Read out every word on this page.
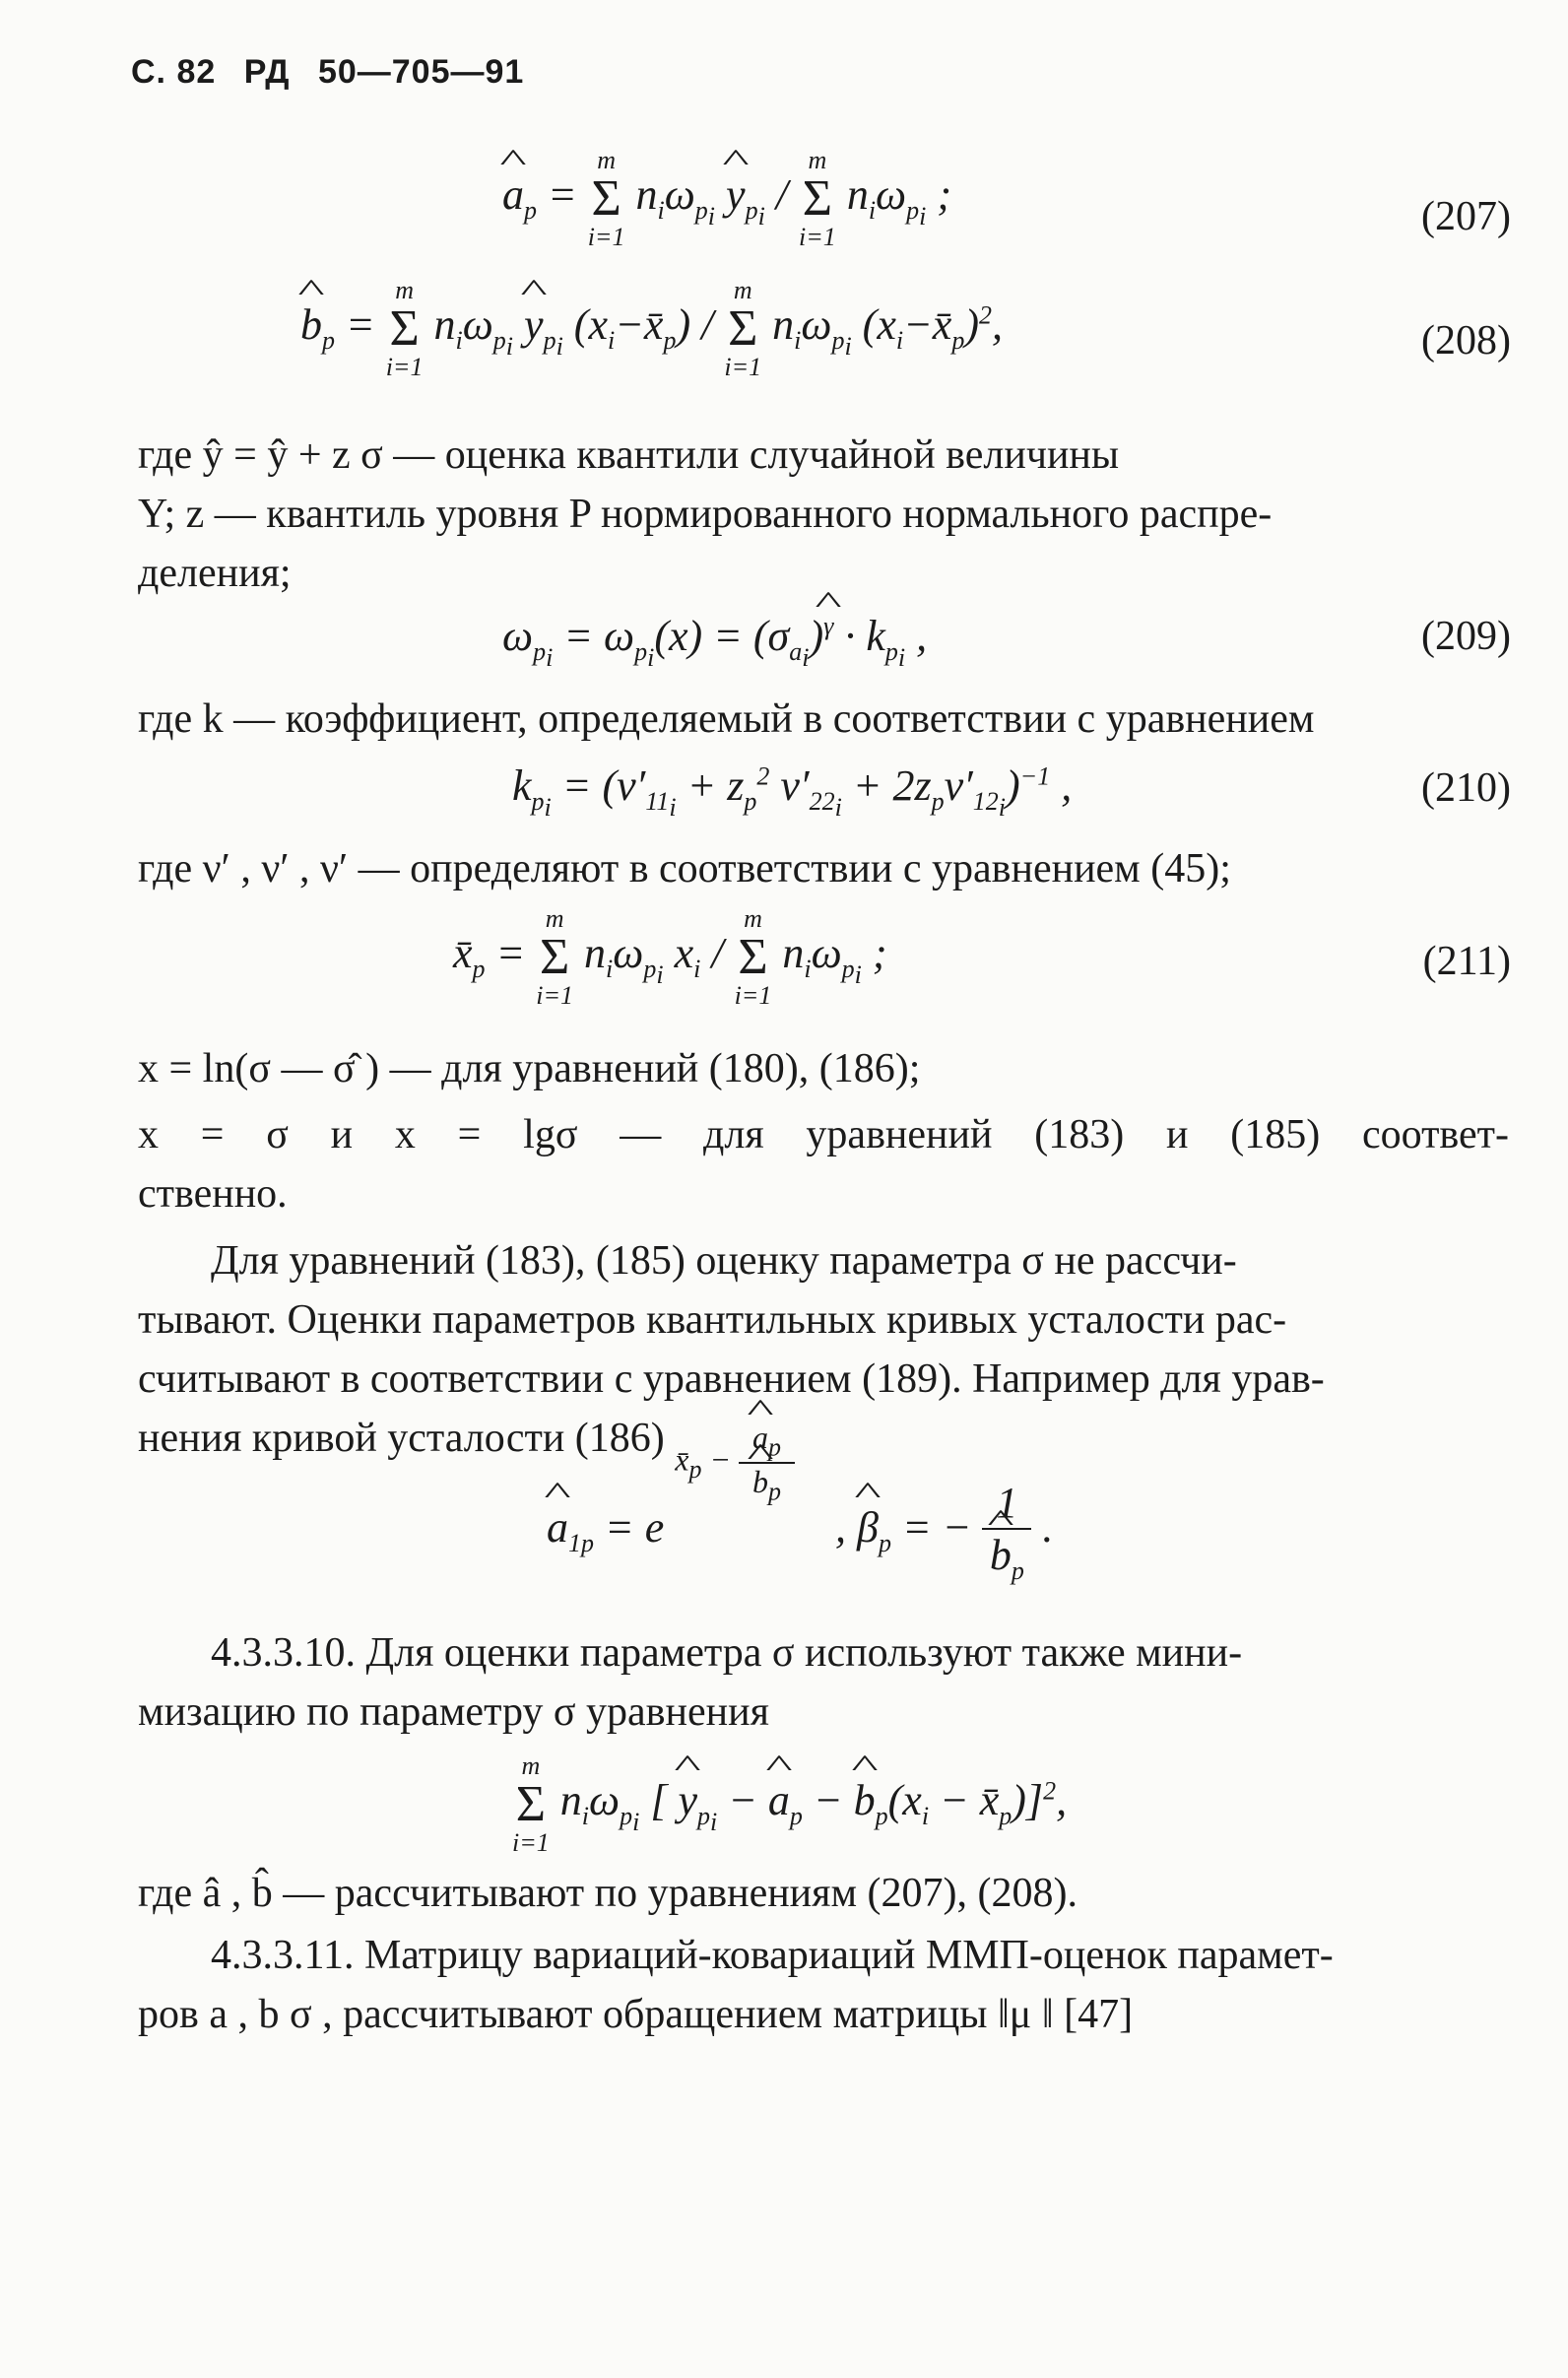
С. 82 РД 50—705—91
^ $a_p$ =
m
Σ
i=1
$n_i\omega_{p_i}$ ^ $y_{p_i}$ /
m
Σ
i=1
$n_i\omega_{p_i}$ ;	(207)
^ $b_p$ =
m
Σ
i=1
$n_i\omega_{p_i}$ ^ $y_{p_i}$ $(x_i-x̄_p)$ /
m
Σ
i=1
$n_i\omega_{p_i}$ $(x_i-x̄_p)^2$,	(208)
где ŷ = ŷ + z σ — оценка квантили случайной величины
Y; z — квантиль уровня P нормированного нормального распре-
деления;
$\omega_{p_i} = \omega_{p_i}(x)$ = $(\sigma_{a_i})\^{}$ $^\gamma \cdot k_{p_i}$ ,	(209)
где k — коэффициент, определяемый в соответствии с уравнением
$k_{p_i} = (\nu'_{11_i} + z_p^2$ $\nu'_{22_i} + 2z_p\nu'_{12_i})^{-1}$ ,	(210)
где ν′ , ν′ , ν′ — определяют в соответствии с уравнением (45);
$x̄_p$ =
m
Σ
i=1
$n_i\omega_{p_i}$ $x_i$ /
m
Σ
i=1
$n_i\omega_{p_i}$ ;	(211)
x = ln(σ — σ̂ ) — для уравнений (180), (186);
x = σ и x = lgσ — для уравнений (183) и (185) соответ-
ственно.

Для уравнений (183), (185) оценку параметра σ не рассчи-

тывают. Оценки параметров квантильных кривых усталости рас-

считывают в соответствии с уравнением (189). Например для урав-

нения кривой усталости (186)

^ $a_{1p} = e$
$x̄_p$ − ^ $a_p$
^ $b_p$
, ^ $\beta_p$ = − 1
^ $b_p$ .

4.3.3.10. Для оценки параметра σ используют также мини-

мизацию по параметру σ уравнения

m
Σ
i=1
$n_i\omega_{p_i}$ [ ^ $y_{p_i}$ − ^ $a_p$ − ^ $b_p(x_i$ − $x̄_p)]^2$,
где â , b̂ — рассчитывают по уравнениям (207), (208).

4.3.3.11. Матрицу вариаций-ковариаций ММП-оценок парамет-

ров a , b σ , рассчитывают обращением матрицы ‖μ ‖ [47]
